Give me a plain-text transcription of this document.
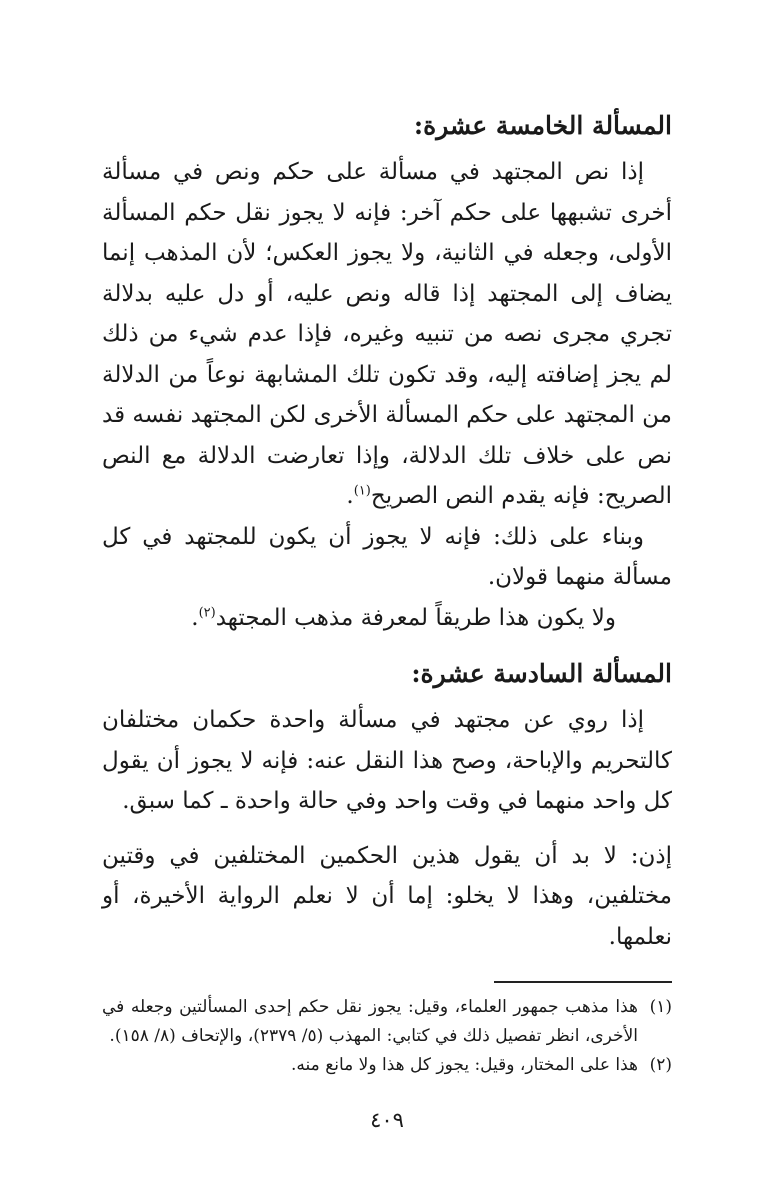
المسألة الخامسة عشرة:

إذا نص المجتهد في مسألة على حكم ونص في مسألة أخرى تشبهها على حكم آخر: فإنه لا يجوز نقل حكم المسألة الأولى، وجعله في الثانية، ولا يجوز العكس؛ لأن المذهب إنما يضاف إلى المجتهد إذا قاله ونص عليه، أو دل عليه بدلالة تجري مجرى نصه من تنبيه وغيره، فإذا عدم شيء من ذلك لم يجز إضافته إليه، وقد تكون تلك المشابهة نوعاً من الدلالة من المجتهد على حكم المسألة الأخرى لكن المجتهد نفسه قد نص على خلاف تلك الدلالة، وإذا تعارضت الدلالة مع النص الصريح: فإنه يقدم النص الصريح$^{(١)}$.

وبناء على ذلك: فإنه لا يجوز أن يكون للمجتهد في كل مسألة منهما قولان.

ولا يكون هذا طريقاً لمعرفة مذهب المجتهد$^{(٢)}$.

المسألة السادسة عشرة:

إذا روي عن مجتهد في مسألة واحدة حكمان مختلفان كالتحريم والإباحة، وصح هذا النقل عنه: فإنه لا يجوز أن يقول كل واحد منهما في وقت واحد وفي حالة واحدة ـ كما سبق.

إذن: لا بد أن يقول هذين الحكمين المختلفين في وقتين مختلفين، وهذا لا يخلو: إما أن لا نعلم الرواية الأخيرة، أو نعلمها.

(١)
هذا مذهب جمهور العلماء، وقيل: يجوز نقل حكم إحدى المسألتين وجعله في الأخرى، انظر تفصيل ذلك في كتابي: المهذب (٥/ ٢٣٧٩)، والإتحاف (٨/ ١٥٨).

(٢)
هذا على المختار، وقيل: يجوز كل هذا ولا مانع منه.

٤٠٩
